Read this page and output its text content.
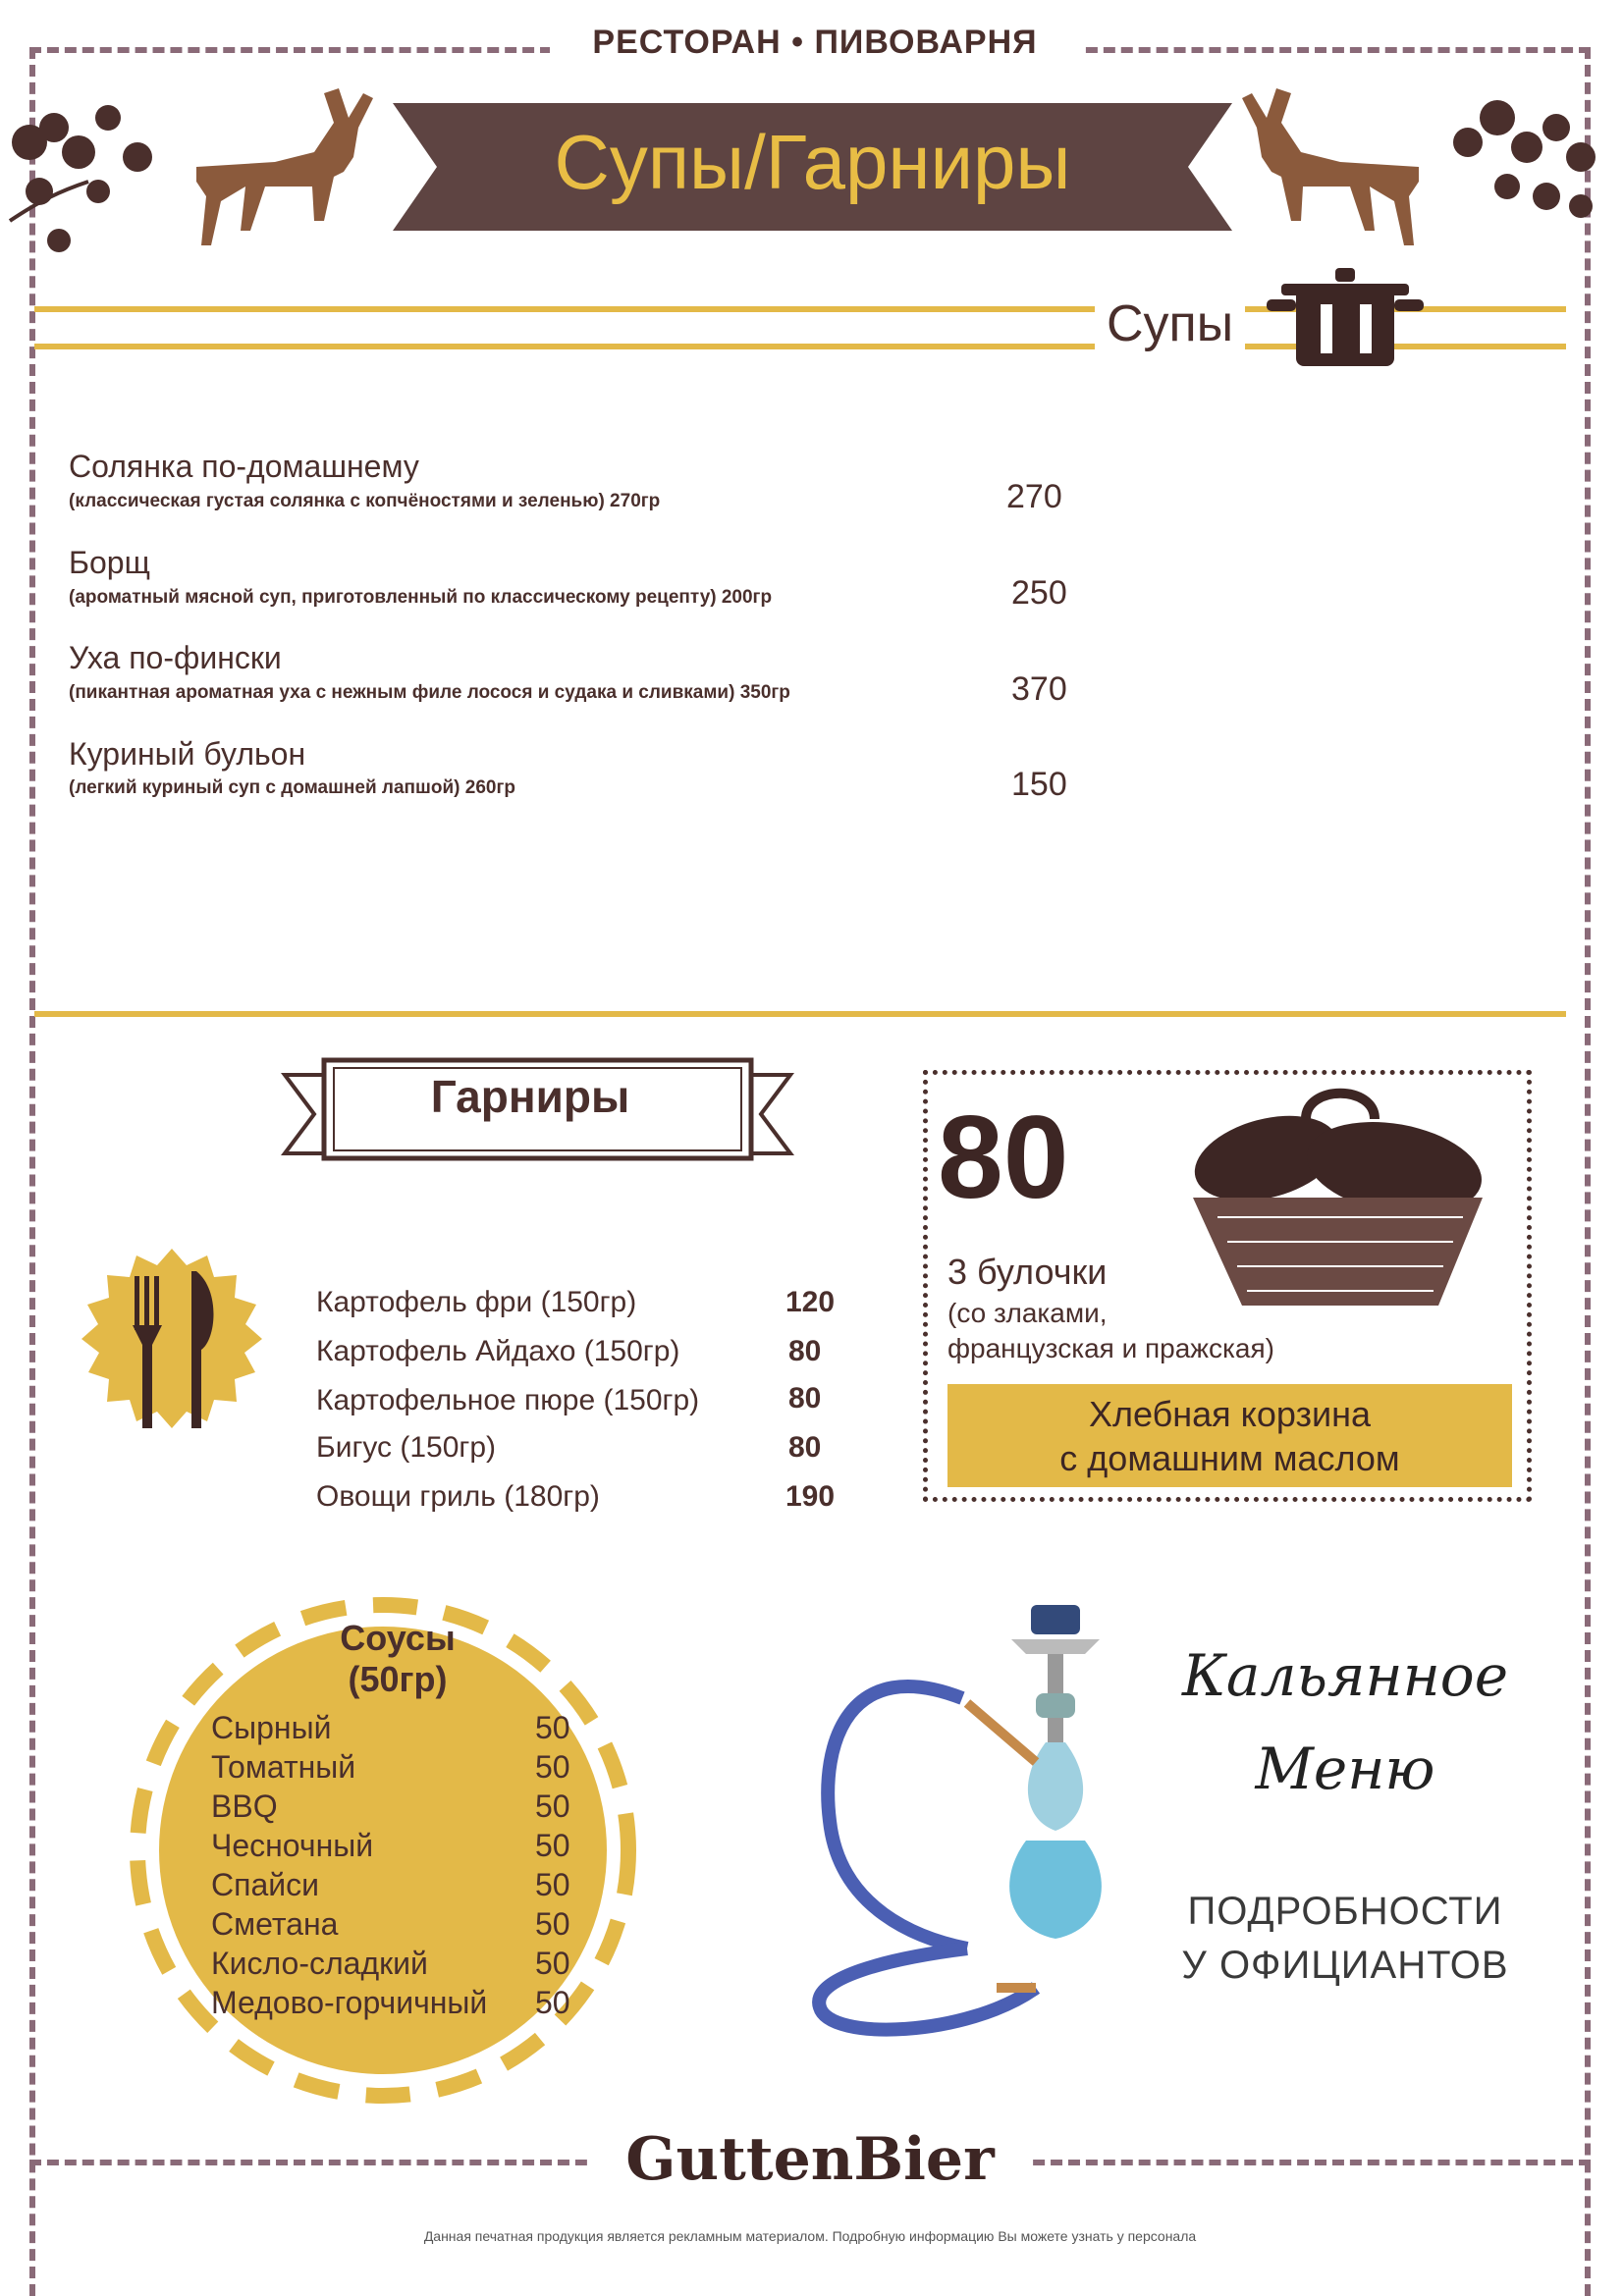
РЕСТОРАН • ПИВОВАРНЯ
Супы/Гарниры
Супы
Солянка по-домашнему
(классическая густая солянка с копчёностями и зеленью) 270гр	270
Борщ
(ароматный мясной суп, приготовленный по классическому рецепту) 200гр	250
Уха по-фински
(пикантная ароматная уха с нежным филе лосося и судака и сливками) 350гр	370
Куриный бульон
(легкий куриный суп с домашней лапшой) 260гр	150
Гарниры
Картофель фри (150гр)	120
Картофель Айдахо (150гр)	80
Картофельное пюре (150гр)	80
Бигус (150гр)	80
Овощи гриль (180гр)	190
80
3 булочки
(со злаками,
французская и пражская)
Хлебная корзина
с домашним маслом
Соусы
(50гр)
Сырный	50
Томатный	50
BBQ	50
Чесночный	50
Спайси	50
Сметана	50
Кисло-сладкий	50
Медово-горчичный 50
Кальянное
Меню
ПОДРОБНОСТИ
У ОФИЦИАНТОВ
GuttenBier
Данная печатная продукция является рекламным материалом. Подробную информацию Вы можете узнать у персонала
